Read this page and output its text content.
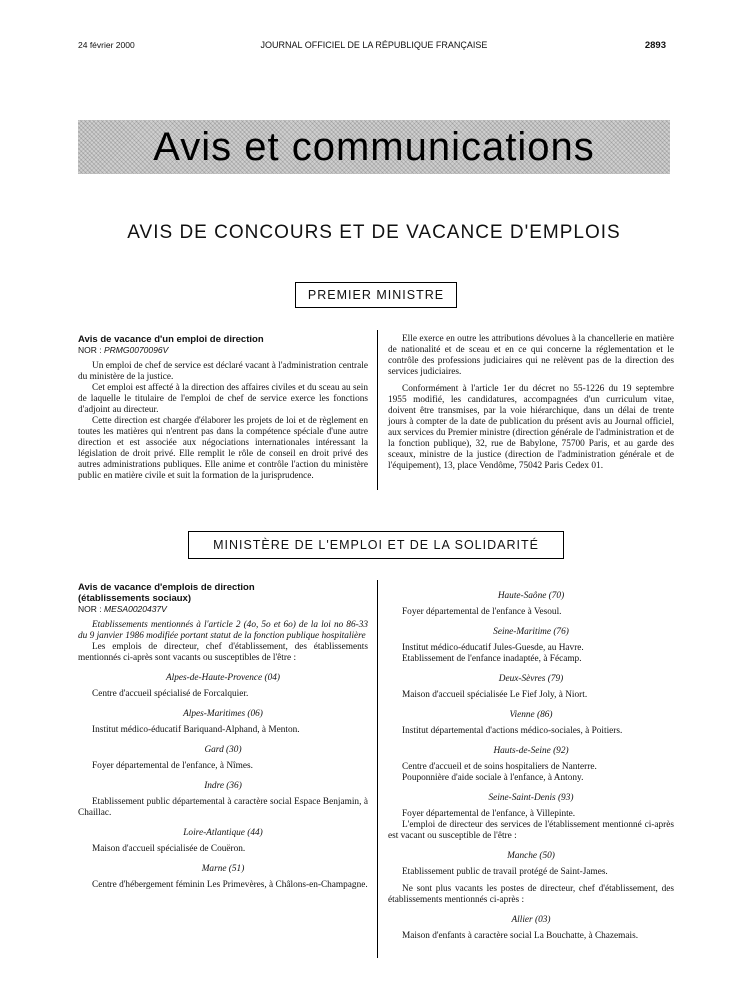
24 février 2000	JOURNAL OFFICIEL DE LA RÉPUBLIQUE FRANÇAISE	2893
Avis et communications
AVIS DE CONCOURS ET DE VACANCE D'EMPLOIS
PREMIER MINISTRE

Avis de vacance d'un emploi de direction

NOR : PRMG0070096V

Un emploi de chef de service est déclaré vacant à l'administration centrale du ministère de la justice.

Cet emploi est affecté à la direction des affaires civiles et du sceau au sein de laquelle le titulaire de l'emploi de chef de service exerce les fonctions d'adjoint au directeur.

Cette direction est chargée d'élaborer les projets de loi et de règlement en toutes les matières qui n'entrent pas dans la compétence spéciale d'une autre direction et est associée aux négociations internationales intéressant la législation de droit privé. Elle remplit le rôle de conseil en droit privé des autres administrations publiques. Elle anime et contrôle l'action du ministère public en matière civile et suit la formation de la jurisprudence.

Elle exerce en outre les attributions dévolues à la chancellerie en matière de nationalité et de sceau et en ce qui concerne la réglementation et le contrôle des professions judiciaires qui ne relèvent pas de la direction des services judiciaires.

Conformément à l'article 1er du décret no 55-1226 du 19 septembre 1955 modifié, les candidatures, accompagnées d'un curriculum vitae, doivent être transmises, par la voie hiérarchique, dans un délai de trente jours à compter de la date de publication du présent avis au Journal officiel, aux services du Premier ministre (direction générale de l'administration et de la fonction publique), 32, rue de Babylone, 75700 Paris, et au garde des sceaux, ministre de la justice (direction de l'administration générale et de l'équipement), 13, place Vendôme, 75042 Paris Cedex 01.

MINISTÈRE DE L'EMPLOI ET DE LA SOLIDARITÉ

Avis de vacance d'emplois de direction

(établissements sociaux)

NOR : MESA0020437V

Etablissements mentionnés à l'article 2 (4o, 5o et 6o) de la loi no 86-33 du 9 janvier 1986 modifiée portant statut de la fonction publique hospitalière

Les emplois de directeur, chef d'établissement, des établissements mentionnés ci-après sont vacants ou susceptibles de l'être :

Alpes-de-Haute-Provence (04)

Centre d'accueil spécialisé de Forcalquier.

Alpes-Maritimes (06)

Institut médico-éducatif Bariquand-Alphand, à Menton.

Gard (30)

Foyer départemental de l'enfance, à Nîmes.

Indre (36)

Etablissement public départemental à caractère social Espace Benjamin, à Chaillac.

Loire-Atlantique (44)

Maison d'accueil spécialisée de Couëron.

Marne (51)

Centre d'hébergement féminin Les Primevères, à Châlons-en-Champagne.

Haute-Saône (70)

Foyer départemental de l'enfance à Vesoul.

Seine-Maritime (76)

Institut médico-éducatif Jules-Guesde, au Havre.

Etablissement de l'enfance inadaptée, à Fécamp.

Deux-Sèvres (79)

Maison d'accueil spécialisée Le Fief Joly, à Niort.

Vienne (86)

Institut départemental d'actions médico-sociales, à Poitiers.

Hauts-de-Seine (92)

Centre d'accueil et de soins hospitaliers de Nanterre.

Pouponnière d'aide sociale à l'enfance, à Antony.

Seine-Saint-Denis (93)

Foyer départemental de l'enfance, à Villepinte.

L'emploi de directeur des services de l'établissement mentionné ci-après est vacant ou susceptible de l'être :

Manche (50)

Etablissement public de travail protégé de Saint-James.

Ne sont plus vacants les postes de directeur, chef d'établissement, des établissements mentionnés ci-après :

Allier (03)

Maison d'enfants à caractère social La Bouchatte, à Chazemais.
